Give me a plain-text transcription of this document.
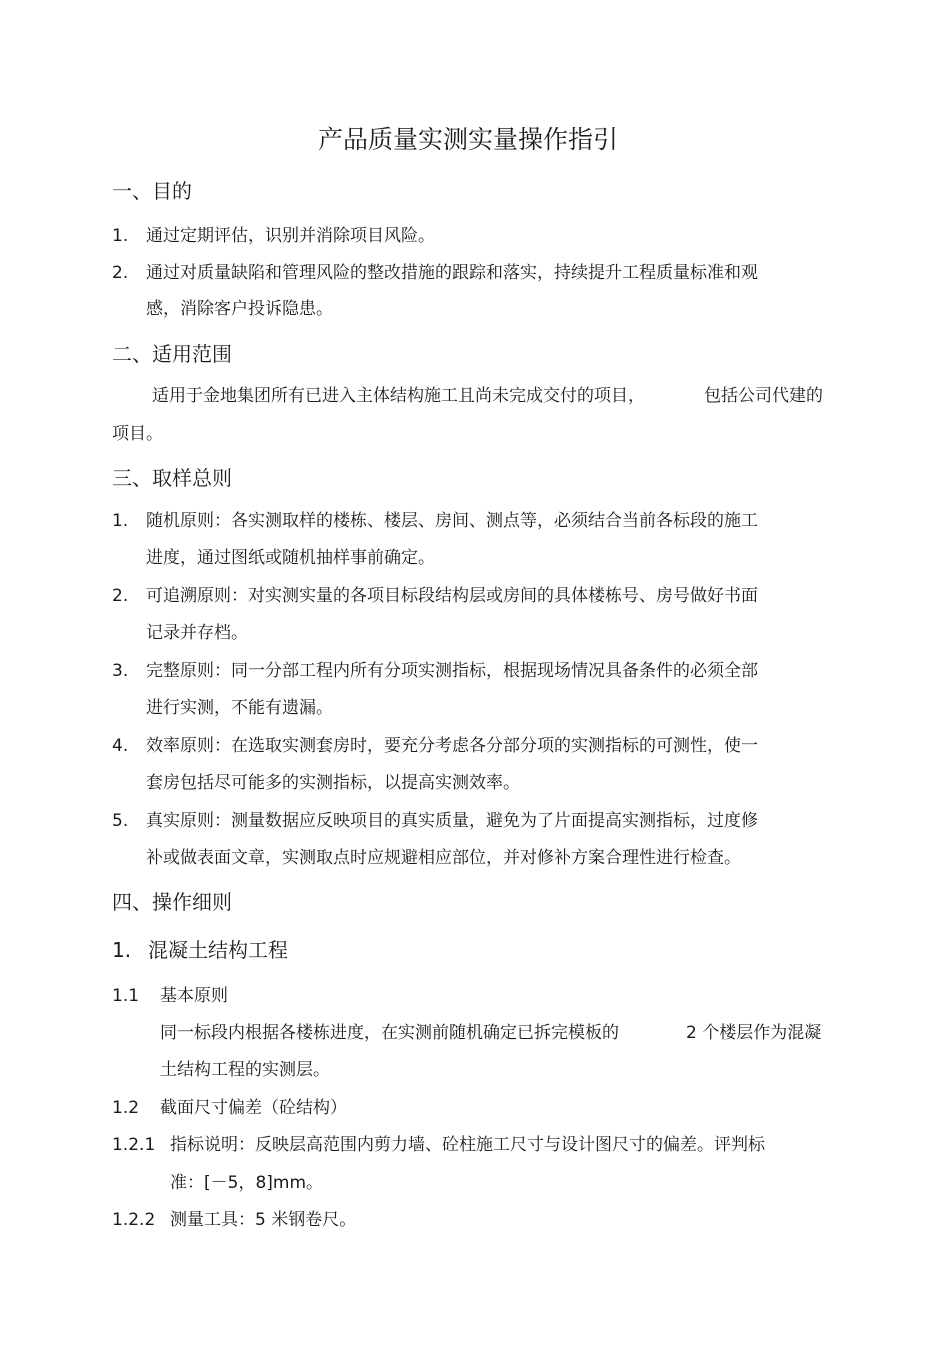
产品质量实测实量操作指引
一、目的
1. 通过定期评估，识别并消除项目风险。
2. 通过对质量缺陷和管理风险的整改措施的跟踪和落实，持续提升工程质量标准和观
感，消除客户投诉隐患。
二、适用范围
适用于金地集团所有已进入主体结构施工且尚未完成交付的项目，	包括公司代建的
项目。
三、取样总则
1. 随机原则：各实测取样的楼栋、楼层、房间、测点等，必须结合当前各标段的施工
进度，通过图纸或随机抽样事前确定。
2. 可追溯原则：对实测实量的各项目标段结构层或房间的具体楼栋号、房号做好书面
记录并存档。
3. 完整原则：同一分部工程内所有分项实测指标，根据现场情况具备条件的必须全部
进行实测，不能有遗漏。
4. 效率原则：在选取实测套房时，要充分考虑各分部分项的实测指标的可测性，使一
套房包括尽可能多的实测指标，以提高实测效率。
5. 真实原则：测量数据应反映项目的真实质量，避免为了片面提高实测指标，过度修
补或做表面文章，实测取点时应规避相应部位，并对修补方案合理性进行检查。
四、操作细则
1. 混凝土结构工程
1.1 基本原则
同一标段内根据各楼栋进度，在实测前随机确定已拆完模板的	2 个楼层作为混凝
土结构工程的实测层。
1.2 截面尺寸偏差（砼结构）
1.2.1 指标说明：反映层高范围内剪力墙、砼柱施工尺寸与设计图尺寸的偏差。评判标
准：[－5，8]mm。
1.2.2 测量工具：5 米钢卷尺。
